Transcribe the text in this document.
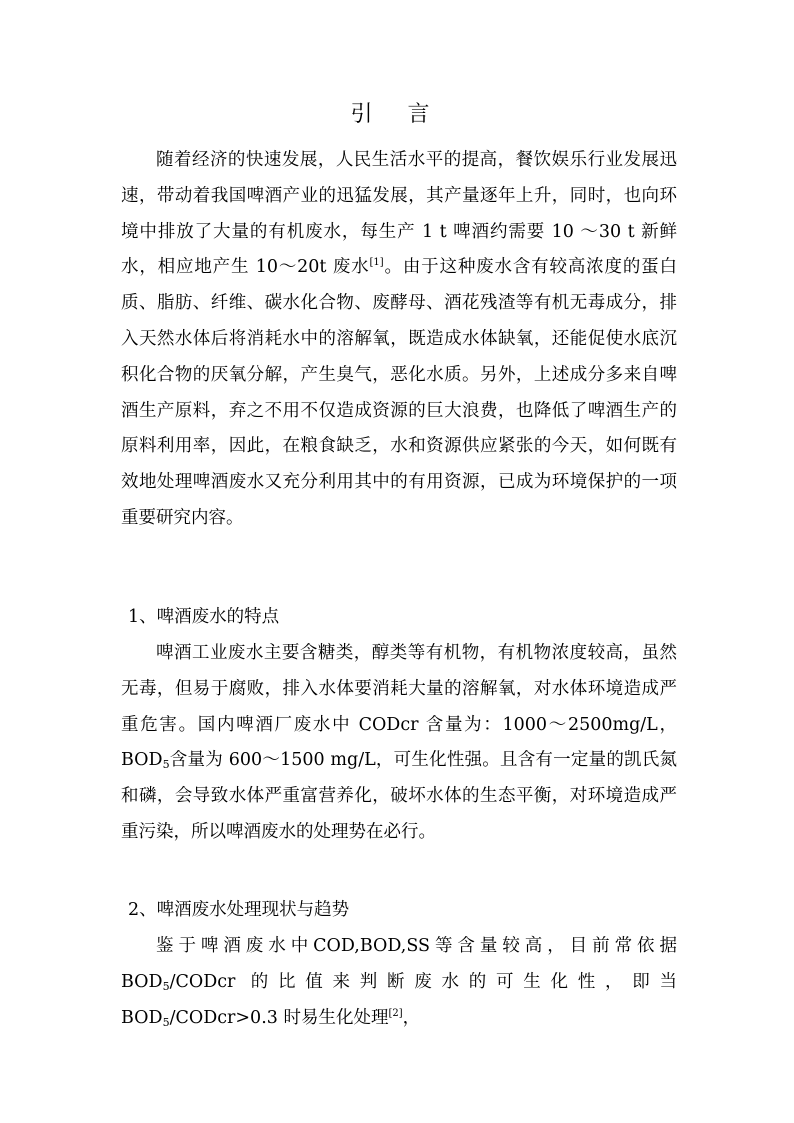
引 言

随着经济的快速发展，人民生活水平的提高，餐饮娱乐行业发展迅速，带动着我国啤酒产业的迅猛发展，其产量逐年上升，同时，也向环境中排放了大量的有机废水，每生产 1 t 啤酒约需要 10 ～30 t 新鲜水，相应地产生 10～20t 废水[1]。由于这种废水含有较高浓度的蛋白质、脂肪、纤维、碳水化合物、废酵母、酒花残渣等有机无毒成分，排入天然水体后将消耗水中的溶解氧，既造成水体缺氧，还能促使水底沉积化合物的厌氧分解，产生臭气，恶化水质。另外，上述成分多来自啤酒生产原料，弃之不用不仅造成资源的巨大浪费，也降低了啤酒生产的原料利用率，因此，在粮食缺乏，水和资源供应紧张的今天，如何既有效地处理啤酒废水又充分利用其中的有用资源，已成为环境保护的一项重要研究内容。

1、啤酒废水的特点

啤酒工业废水主要含糖类，醇类等有机物，有机物浓度较高，虽然无毒，但易于腐败，排入水体要消耗大量的溶解氧，对水体环境造成严重危害。国内啤酒厂废水中 CODcr 含量为：1000～2500mg/L，$BOD_5$含量为 600～1500 mg/L，可生化性强。且含有一定量的凯氏氮和磷，会导致水体严重富营养化，破坏水体的生态平衡，对环境造成严重污染，所以啤酒废水的处理势在必行。

2、啤酒废水处理现状与趋势

鉴于啤酒废水中COD,BOD,SS等含量较高，目前常依据$BOD_5$/CODcr 的比值来判断废水的可生化性，即当$BOD_5/CODcr>0.3$ 时易生化处理[2]，
